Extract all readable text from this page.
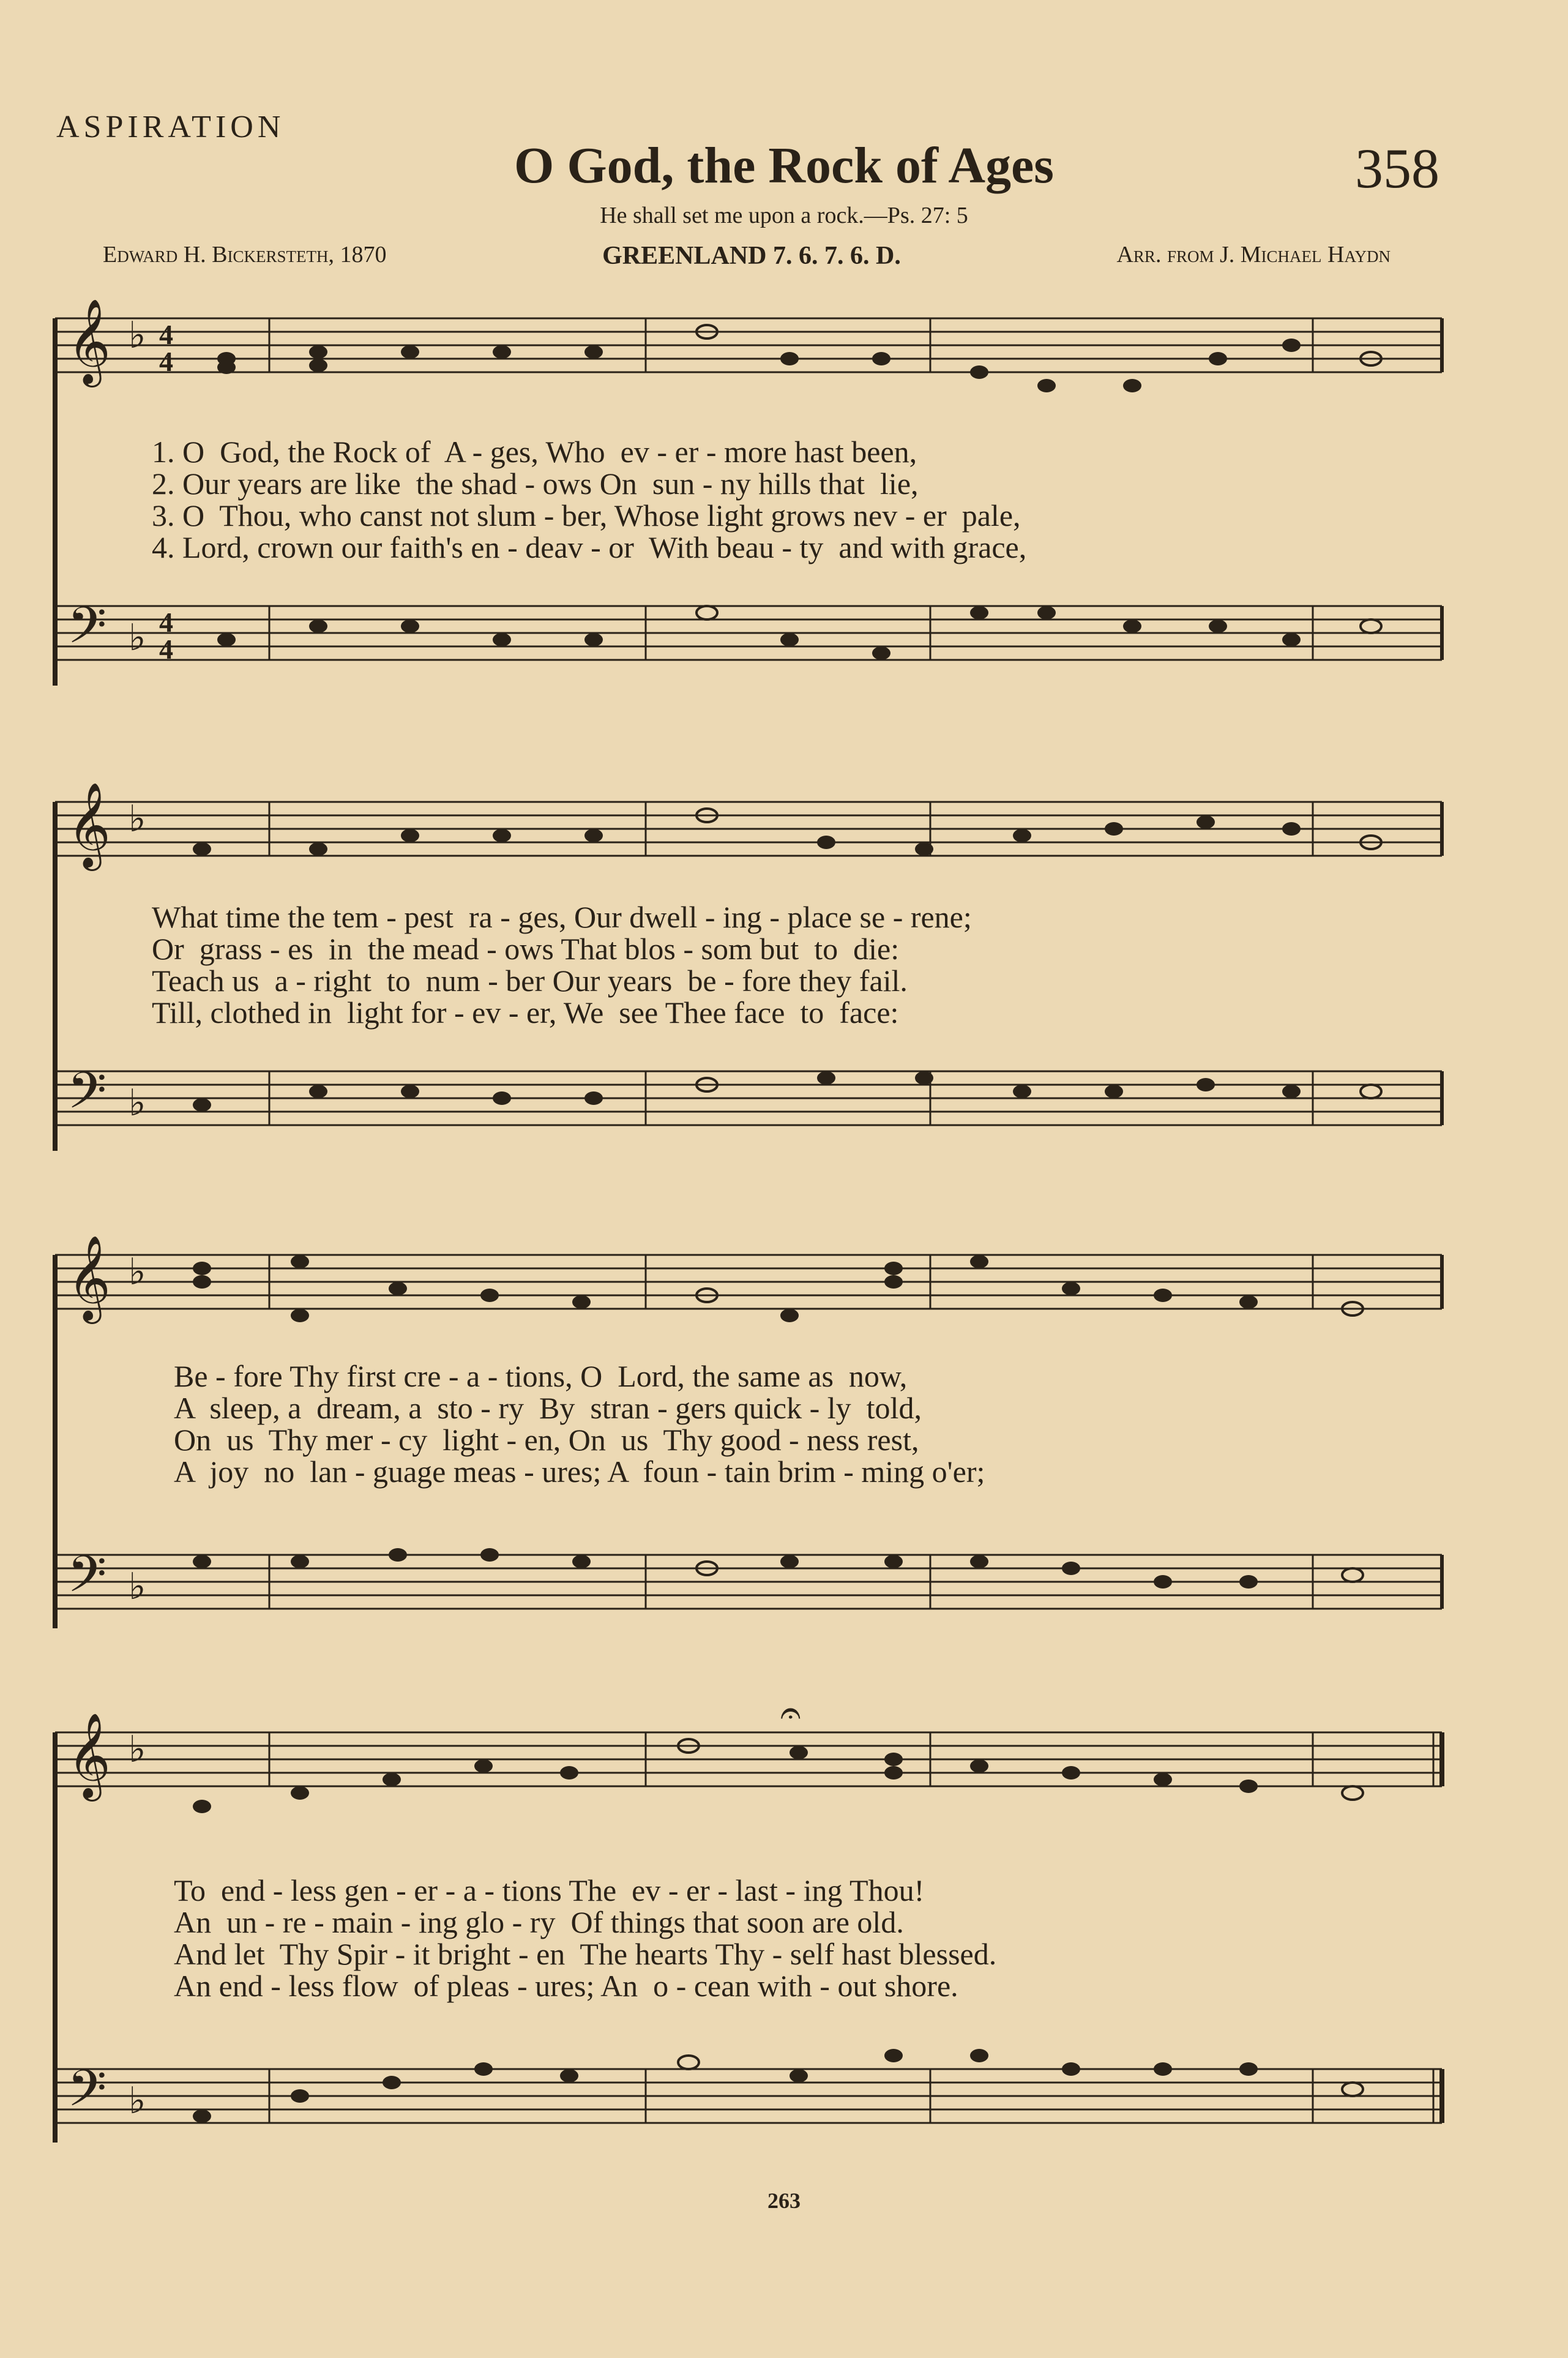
ASPIRATION
O God, the Rock of Ages	358
He shall set me upon a rock.—Ps. 27: 5
Edward H. Bickersteth, 1870	GREENLAND 7. 6. 7. 6. D.	Arr. from J. Michael Haydn
𝄞
𝄢
♭ 4
4
♭ 4
4
1. O  God, the Rock of  A - ges, Who  ev - er - more hast been,
2. Our years are like  the shad - ows On  sun - ny hills that  lie,
3. O  Thou, who canst not slum - ber, Whose light grows nev - er  pale,
4. Lord, crown our faith's en - deav - or  With beau - ty  and with grace,
𝄞
𝄢
♭
♭
What time the tem - pest  ra - ges, Our dwell - ing - place se - rene;
Or  grass - es  in  the mead - ows That blos - som but  to  die:
Teach us  a - right  to  num - ber Our years  be - fore they fail.
Till, clothed in  light for - ev - er, We  see Thee face  to  face:
𝄞
𝄢
♭
♭
Be - fore Thy first cre - a - tions, O  Lord, the same as  now,
A  sleep, a  dream, a  sto - ry  By  stran - gers quick - ly  told,
On  us  Thy mer - cy  light - en, On  us  Thy good - ness rest,
A  joy  no  lan - guage meas - ures; A  foun - tain brim - ming o'er;
𝄞
𝄢
♭
♭
𝄐
To  end - less gen - er - a - tions The  ev - er - last - ing Thou!
An  un - re - main - ing glo - ry  Of things that soon are old.
And let  Thy Spir - it bright - en  The hearts Thy - self hast blessed.
An end - less flow  of pleas - ures; An  o - cean with - out shore.
263
